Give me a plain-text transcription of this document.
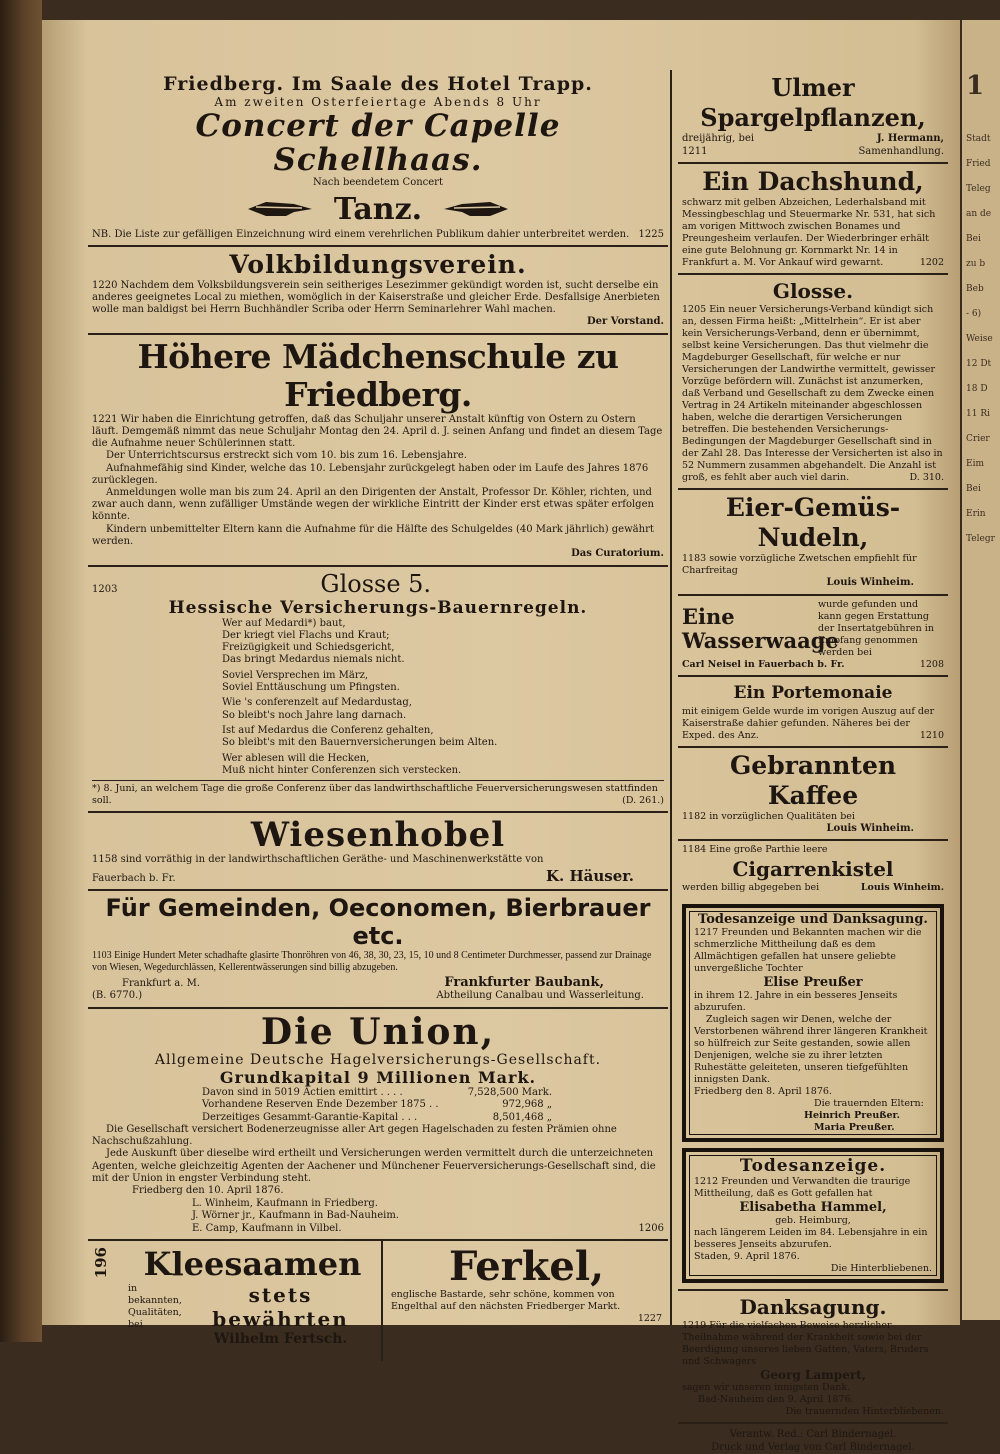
Friedberg. Im Saale des Hotel Trapp.
Am zweiten Osterfeiertage Abends 8 Uhr
Concert der Capelle Schellhaas.
Nach beendetem Concert
Tanz.
NB. Die Liste zur gefälligen Einzeichnung wird einem verehrlichen Publikum dahier unterbreitet werden. 1225
Volkbildungsverein.

1220 Nachdem dem Volksbildungsverein sein seitheriges Lesezimmer gekündigt worden ist, sucht derselbe ein anderes geeignetes Local zu miethen, womöglich in der Kaiserstraße und gleicher Erde. Desfallsige Anerbieten wolle man baldigst bei Herrn Buchhändler Scriba oder Herrn Seminarlehrer Wahl machen.

Der Vorstand.
Höhere Mädchenschule zu Friedberg.

1221 Wir haben die Einrichtung getroffen, daß das Schuljahr unserer Anstalt künftig von Ostern zu Ostern läuft. Demgemäß nimmt das neue Schuljahr Montag den 24. April d. J. seinen Anfang und findet an diesem Tage die Aufnahme neuer Schülerinnen statt.

Der Unterrichtscursus erstreckt sich vom 10. bis zum 16. Lebensjahre.

Aufnahmefähig sind Kinder, welche das 10. Lebensjahr zurückgelegt haben oder im Laufe des Jahres 1876 zurücklegen.

Anmeldungen wolle man bis zum 24. April an den Dirigenten der Anstalt, Professor Dr. Köhler, richten, und zwar auch dann, wenn zufälliger Umstände wegen der wirkliche Eintritt der Kinder erst etwas später erfolgen könnte.

Kindern unbemittelter Eltern kann die Aufnahme für die Hälfte des Schulgeldes (40 Mark jährlich) gewährt werden.

Das Curatorium.
1203	Glosse 5.
Hessische Versicherungs-Bauernregeln.
Wer auf Medardi*) baut,
Der kriegt viel Flachs und Kraut;
Freizügigkeit und Schiedsgericht,
Das bringt Medardus niemals nicht.
Soviel Versprechen im März,
Soviel Enttäuschung um Pfingsten.
Wie 's conferenzelt auf Medardustag,
So bleibt's noch Jahre lang darnach.
Ist auf Medardus die Conferenz gehalten,
So bleibt's mit den Bauernversicherungen beim Alten.
Wer ablesen will die Hecken,
Muß nicht hinter Conferenzen sich verstecken.
*) 8. Juni, an welchem Tage die große Conferenz über das landwirthschaftliche Feuerversicherungswesen stattfinden soll.	(D. 261.)
Wiesenhobel

1158 sind vorräthig in der landwirthschaftlichen Geräthe- und Maschinenwerkstätte von

Fauerbach b. Fr.	K. Häuser.
Für Gemeinden, Oeconomen, Bierbrauer etc.

1103 Einige Hundert Meter schadhafte glasirte Thonröhren von 46, 38, 30, 23, 15, 10 und 8 Centimeter Durchmesser, passend zur Drainage von Wiesen, Wegedurchlässen, Kellerentwässerungen sind billig abzugeben.

Frankfurt a. M.	Frankfurter Baubank,
(B. 6770.)	Abtheilung Canalbau und Wasserleitung.
Die Union,
Allgemeine Deutsche Hagelversicherungs-Gesellschaft.
Grundkapital 9 Millionen Mark.
Davon sind in 5019 Actien emittirt . . . .	7,528,500 Mark.
Vorhandene Reserven Ende Dezember 1875 . .	972,968 „
Derzeitiges Gesammt-Garantie-Kapital . . .	8,501,468 „

Die Gesellschaft versichert Bodenerzeugnisse aller Art gegen Hagelschaden zu festen Prämien ohne Nachschußzahlung.

Jede Auskunft über dieselbe wird ertheilt und Versicherungen werden vermittelt durch die unterzeichneten Agenten, welche gleichzeitig Agenten der Aachener und Münchener Feuerversicherungs-Gesellschaft sind, die mit der Union in engster Verbindung steht.

Friedberg den 10. April 1876.
L. Winheim, Kaufmann in Friedberg.
J. Wörner jr., Kaufmann in Bad-Nauheim.
E. Camp, Kaufmann in Vilbel.	1206
196	Kleesaamen
in bekannten, Qualitäten, bei
stets bewährten
Wilhelm Fertsch.
Ferkel,

englische Bastarde, sehr schöne, kommen von Engelthal auf den nächsten Friedberger Markt.

1227
Ulmer Spargelpflanzen,
dreijährig, bei	J. Hermann,
1211	Samenhandlung.
Ein Dachshund,

schwarz mit gelben Abzeichen, Lederhalsband mit Messingbeschlag und Steuermarke Nr. 531, hat sich am vorigen Mittwoch zwischen Bonames und Preungesheim verlaufen. Der Wiederbringer erhält eine gute Belohnung gr. Kornmarkt Nr. 14 in Frankfurt a. M. Vor Ankauf wird gewarnt.	1202

Glosse.

1205 Ein neuer Versicherungs-Verband kündigt sich an, dessen Firma heißt: „Mittelrhein“. Er ist aber kein Versicherungs-Verband, denn er übernimmt, selbst keine Versicherungen. Das thut vielmehr die Magdeburger Gesellschaft, für welche er nur Versicherungen der Landwirthe vermittelt, gewisser Vorzüge befördern will. Zunächst ist anzumerken, daß Verband und Gesellschaft zu dem Zwecke einen Vertrag in 24 Artikeln miteinander abgeschlossen haben, welche die derartigen Versicherungen betreffen. Die bestehenden Versicherungs-Bedingungen der Magdeburger Gesellschaft sind in der Zahl 28. Das Interesse der Versicherten ist also in 52 Nummern zusammen abgehandelt. Die Anzahl ist groß, es fehlt aber auch viel darin.	D. 310.

Eier-Gemüs-Nudeln,

1183 sowie vorzügliche Zwetschen empfiehlt für Charfreitag

Louis Winheim.
Eine Wasserwaage

wurde gefunden und kann gegen Erstattung der Insertatgebühren in Empfang genommen werden bei

Carl Neisel in Fauerbach b. Fr.	1208
Ein Portemonaie

mit einigem Gelde wurde im vorigen Auszug auf der Kaiserstraße dahier gefunden. Näheres bei der Exped. des Anz.	1210

Gebrannten Kaffee

1182 in vorzüglichen Qualitäten bei

Louis Winheim.

1184 Eine große Parthie leere

Cigarrenkistel
werden billig abgegeben bei	Louis Winheim.
Todesanzeige und Danksagung.

1217 Freunden und Bekannten machen wir die schmerzliche Mittheilung daß es dem Allmächtigen gefallen hat unsere geliebte unvergeßliche Tochter

Elise Preußer

in ihrem 12. Jahre in ein besseres Jenseits abzurufen.

Zugleich sagen wir Denen, welche der Verstorbenen während ihrer längeren Krankheit so hülfreich zur Seite gestanden, sowie allen Denjenigen, welche sie zu ihrer letzten Ruhestätte geleiteten, unseren tiefgefühlten innigsten Dank.

Friedberg den 8. April 1876.
Die trauernden Eltern:
Heinrich Preußer.
Maria Preußer.
Todesanzeige.

1212 Freunden und Verwandten die traurige Mittheilung, daß es Gott gefallen hat

Elisabetha Hammel,
geb. Heimburg,

nach längerem Leiden im 84. Lebensjahre in ein besseres Jenseits abzurufen.

Staden, 9. April 1876.
Die Hinterbliebenen.
Danksagung.

1219 Für die vielfachen Beweise herzlicher Theilnahme während der Krankheit sowie bei der Beerdigung unseres lieben Gatten, Vaters, Bruders und Schwagers

Georg Lampert,
sagen wir unseren innigsten Dank.
Bad-Nauheim den 9. April 1876.
Die trauernden Hinterbliebenen.
Verantw. Red.: Carl Bindernagel.
Druck und Verlag von Carl Bindernagel.
1
Stadt
Fried
Teleg
an de
Bei
zu b
Beb
- 6)
Weise
12 Dt
18 D
11 Ri
Crier
Eim
Bei
Erin
Telegr
